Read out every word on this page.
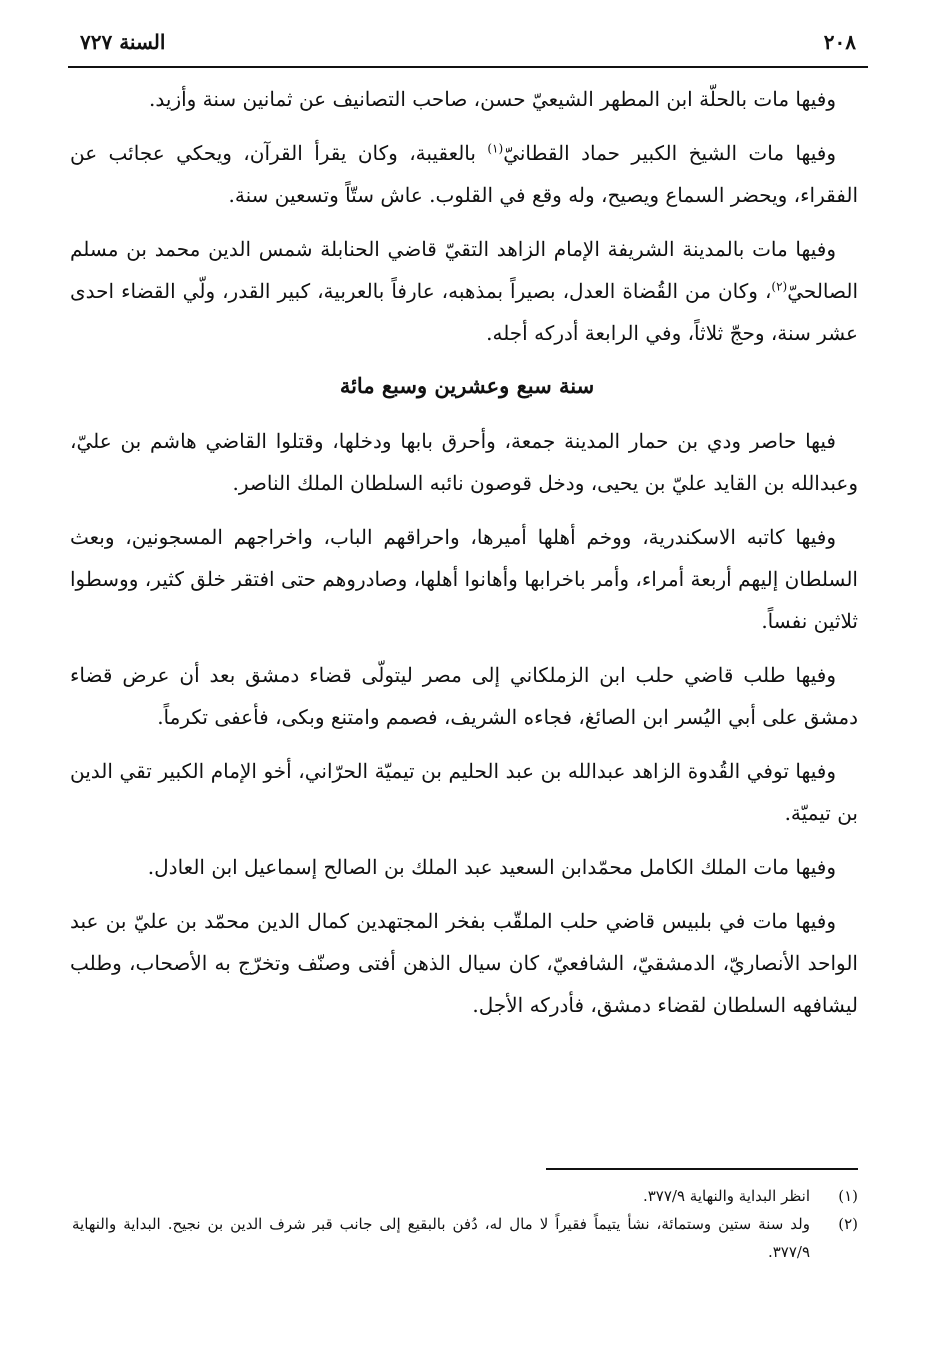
٢٠٨
السنة ٧٢٧

وفيها مات بالحلّة ابن المطهر الشيعيّ حسن، صاحب التصانيف عن ثمانين سنة وأزيد.

وفيها مات الشيخ الكبير حماد القطانيّ$^{(١)}$ بالعقيبة، وكان يقرأ القرآن، ويحكي عجائب عن الفقراء، ويحضر السماع ويصيح، وله وقع في القلوب. عاش ستّاً وتسعين سنة.

وفيها مات بالمدينة الشريفة الإمام الزاهد التقيّ قاضي الحنابلة شمس الدين محمد بن مسلم الصالحيّ$^{(٢)}$، وكان من القُضاة العدل، بصيراً بمذهبه، عارفاً بالعربية، كبير القدر، ولّي القضاء احدى عشر سنة، وحجّ ثلاثاً، وفي الرابعة أدركه أجله.

سنة سبع وعشرين وسبع مائة

فيها حاصر ودي بن حمار المدينة جمعة، وأحرق بابها ودخلها، وقتلوا القاضي هاشم بن عليّ، وعبدالله بن القايد عليّ بن يحيى، ودخل قوصون نائبه السلطان الملك الناصر.

وفيها كاتبه الاسكندرية، ووخم أهلها أميرها، واحراقهم الباب، واخراجهم المسجونين، وبعث السلطان إليهم أربعة أمراء، وأمر باخرابها وأهانوا أهلها، وصادروهم حتى افتقر خلق كثير، ووسطوا ثلاثين نفساً.

وفيها طلب قاضي حلب ابن الزملكاني إلى مصر ليتولّى قضاء دمشق بعد أن عرض قضاء دمشق على أبي اليُسر ابن الصائغ، فجاءه الشريف، فصمم وامتنع وبكى، فأعفى تكرماً.

وفيها توفي القُدوة الزاهد عبدالله بن عبد الحليم بن تيميّة الحرّاني، أخو الإمام الكبير تقي الدين بن تيميّة.

وفيها مات الملك الكامل محمّدابن السعيد عبد الملك بن الصالح إسماعيل ابن العادل.

وفيها مات في بلبيس قاضي حلب الملقّب بفخر المجتهدين كمال الدين محمّد بن عليّ بن عبد الواحد الأنصاريّ، الدمشقيّ، الشافعيّ، كان سيال الذهن أفتى وصنّف وتخرّج به الأصحاب، وطلب ليشافهه السلطان لقضاء دمشق، فأدركه الأجل.

(١)
انظر البداية والنهاية ٣٧٧/٩.
(٢)
ولد سنة ستين وستمائة، نشأ يتيماً فقيراً لا مال له، دُفن بالبقيع إلى جانب قبر شرف الدين بن نجيح. البداية والنهاية ٣٧٧/٩.
